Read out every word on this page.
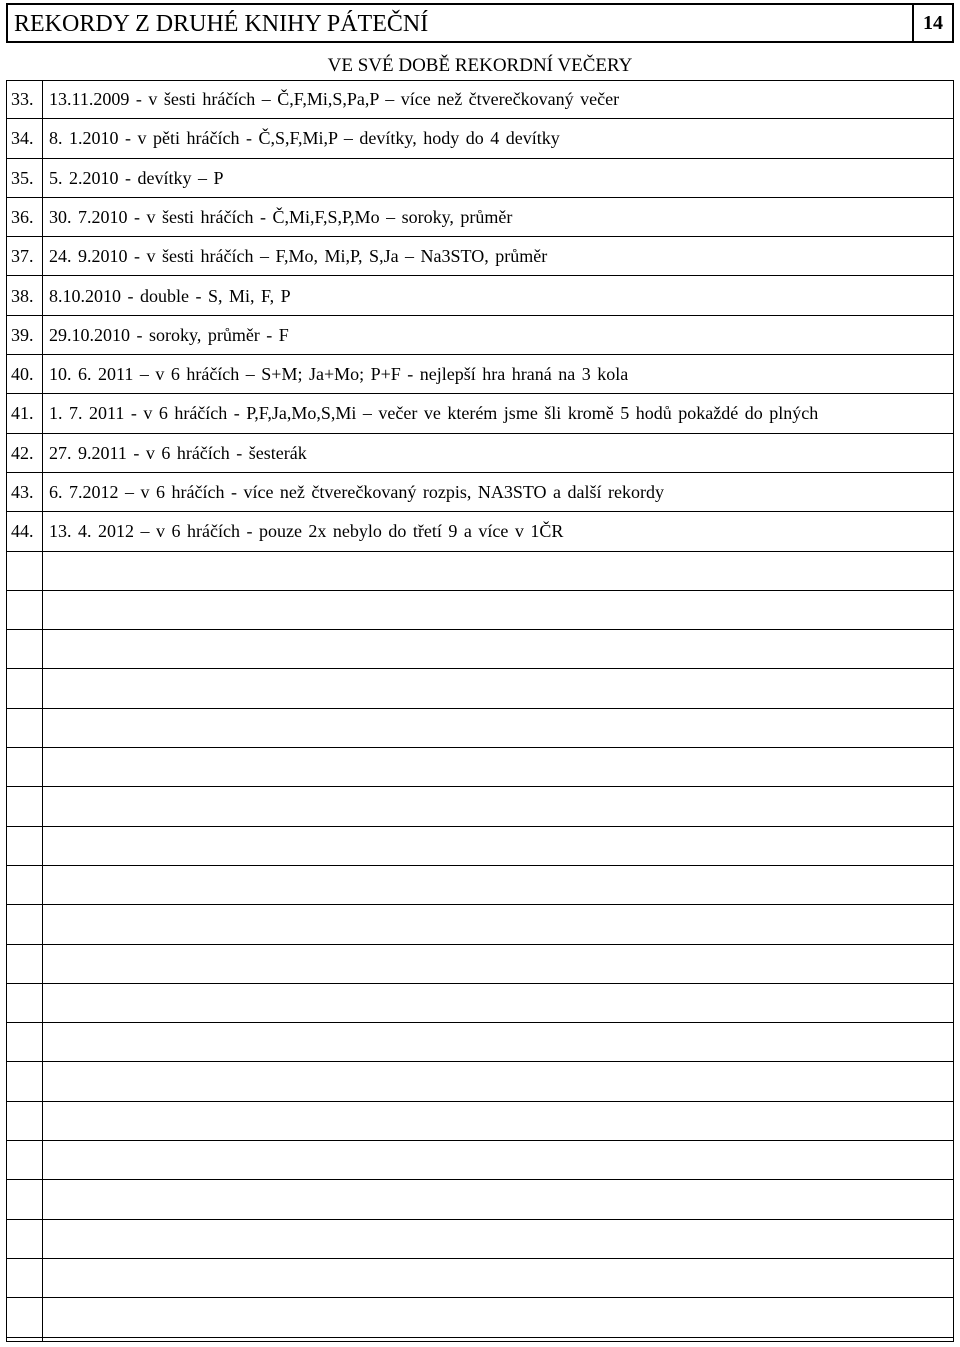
REKORDY Z DRUHÉ KNIHY PÁTEČNÍ	14
VE SVÉ DOBĚ REKORDNÍ VEČERY
33. 13.11.2009 - v šesti hráčích – Č,F,Mi,S,Pa,P – více než čtverečkovaný večer
34. 8. 1.2010 - v pěti hráčích - Č,S,F,Mi,P – devítky, hody do 4 devítky
35. 5. 2.2010 - devítky – P
36. 30. 7.2010 - v šesti hráčích - Č,Mi,F,S,P,Mo – soroky, průměr
37. 24. 9.2010 - v šesti hráčích – F,Mo, Mi,P, S,Ja – Na3STO, průměr
38. 8.10.2010 - double - S, Mi, F, P
39. 29.10.2010 - soroky, průměr - F
40. 10. 6. 2011 – v 6 hráčích – S+M; Ja+Mo; P+F - nejlepší hra hraná na 3 kola
41. 1. 7. 2011 - v 6 hráčích - P,F,Ja,Mo,S,Mi – večer ve kterém jsme šli kromě 5 hodů pokaždé do plných
42. 27. 9.2011 - v 6 hráčích - šesterák
43. 6. 7.2012 – v 6 hráčích - více než čtverečkovaný rozpis, NA3STO a další rekordy
44. 13. 4. 2012 – v 6 hráčích - pouze 2x nebylo do třetí 9 a více v 1ČR
